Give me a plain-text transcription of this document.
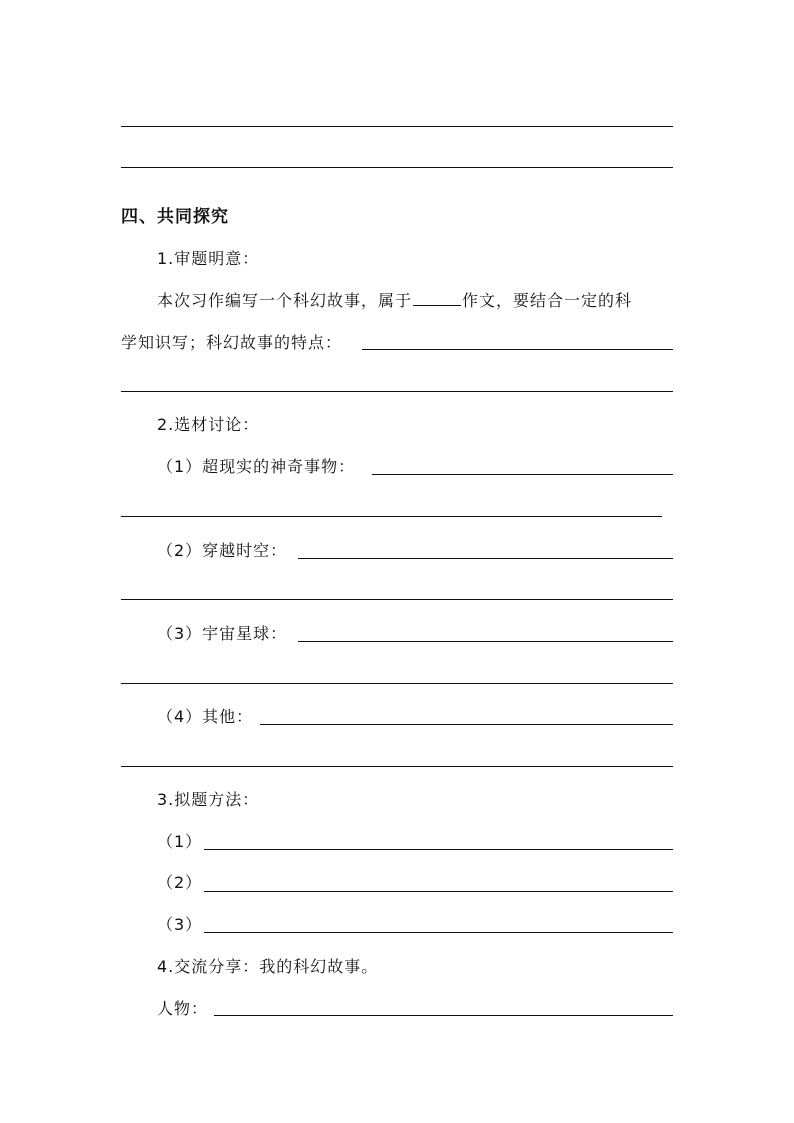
四、共同探究
1.审题明意：
本次习作编写一个科幻故事，属于	作文，要结合一定的科
学知识写；科幻故事的特点：
2.选材讨论：
（1）超现实的神奇事物：
（2）穿越时空：
（3）宇宙星球：
（4）其他：
3.拟题方法：
（1）
（2）
（3）
4.交流分享：我的科幻故事。
人物：
